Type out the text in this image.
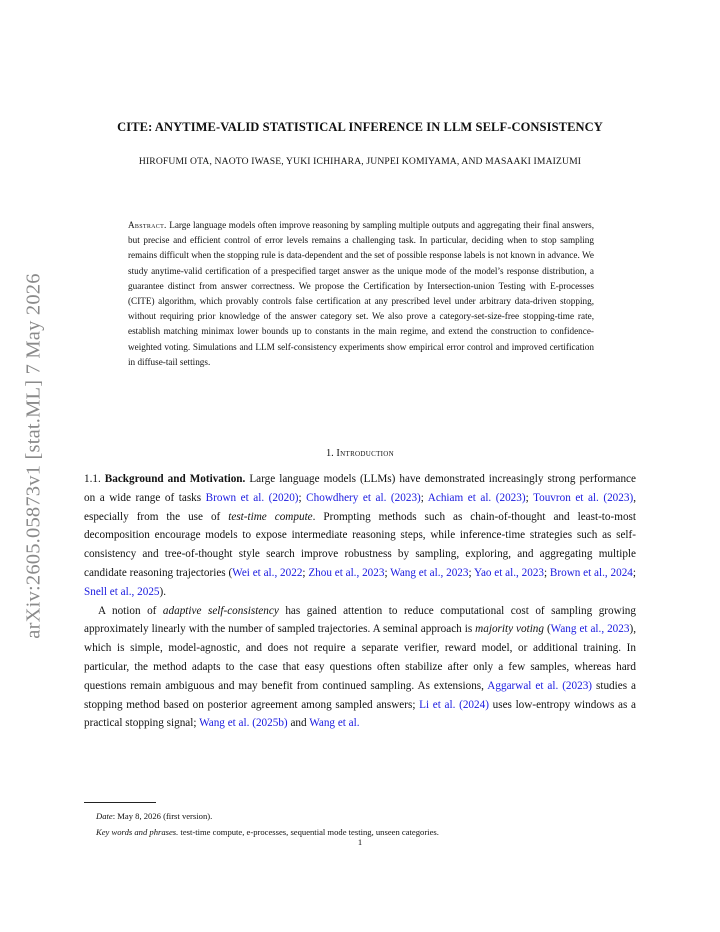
arXiv:2605.05873v1 [stat.ML] 7 May 2026
CITE: ANYTIME-VALID STATISTICAL INFERENCE IN LLM SELF-CONSISTENCY
HIROFUMI OTA, NAOTO IWASE, YUKI ICHIHARA, JUNPEI KOMIYAMA, AND MASAAKI IMAIZUMI
Abstract. Large language models often improve reasoning by sampling multiple outputs and aggregating their final answers, but precise and efficient control of error levels remains a challenging task. In particular, deciding when to stop sampling remains difficult when the stopping rule is data-dependent and the set of possible response labels is not known in advance. We study anytime-valid certification of a prespecified target answer as the unique mode of the model’s response distribution, a guarantee distinct from answer correctness. We propose the Certification by Intersection-union Testing with E-processes (CITE) algorithm, which provably controls false certification at any prescribed level under arbitrary data-driven stopping, without requiring prior knowledge of the answer category set. We also prove a category-set-size-free stopping-time rate, establish matching minimax lower bounds up to constants in the main regime, and extend the construction to confidence-weighted voting. Simulations and LLM self-consistency experiments show empirical error control and improved certification in diffuse-tail settings.
1. Introduction

1.1. Background and Motivation. Large language models (LLMs) have demonstrated increasingly strong performance on a wide range of tasks Brown et al. (2020); Chowdhery et al. (2023); Achiam et al. (2023); Touvron et al. (2023), especially from the use of test-time compute. Prompting methods such as chain-of-thought and least-to-most decomposition encourage models to expose intermediate reasoning steps, while inference-time strategies such as self-consistency and tree-of-thought style search improve robustness by sampling, exploring, and aggregating multiple candidate reasoning trajectories (Wei et al., 2022; Zhou et al., 2023; Wang et al., 2023; Yao et al., 2023; Brown et al., 2024; Snell et al., 2025).

A notion of adaptive self-consistency has gained attention to reduce computational cost of sampling growing approximately linearly with the number of sampled trajectories. A seminal approach is majority voting (Wang et al., 2023), which is simple, model-agnostic, and does not require a separate verifier, reward model, or additional training. In particular, the method adapts to the case that easy questions often stabilize after only a few samples, whereas hard questions remain ambiguous and may benefit from continued sampling. As extensions, Aggarwal et al. (2023) studies a stopping method based on posterior agreement among sampled answers; Li et al. (2024) uses low-entropy windows as a practical stopping signal; Wang et al. (2025b) and Wang et al.

Date: May 8, 2026 (first version).

Key words and phrases. test-time compute, e-processes, sequential mode testing, unseen categories.

1
